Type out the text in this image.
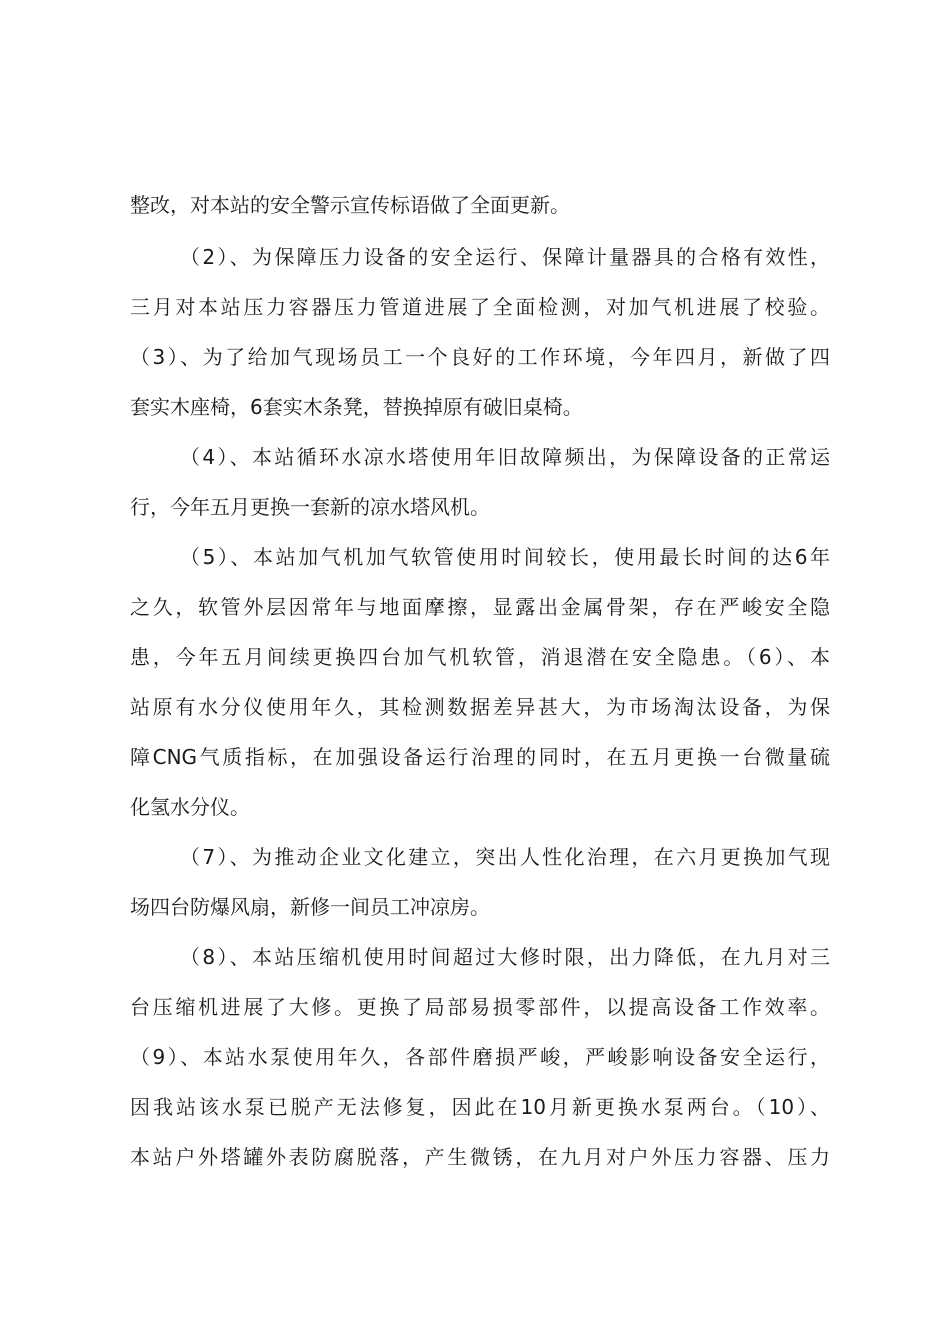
整改，对本站的安全警示宣传标语做了全面更新。
（2）、为保障压力设备的安全运行、保障计量器具的合格有效性，
三月对本站压力容器压力管道进展了全面检测，对加气机进展了校验。
（3）、为了给加气现场员工一个良好的工作环境，今年四月，新做了四
套实木座椅，6套实木条凳，替换掉原有破旧桌椅。
（4）、本站循环水凉水塔使用年旧故障频出，为保障设备的正常运
行，今年五月更换一套新的凉水塔风机。
（5）、本站加气机加气软管使用时间较长，使用最长时间的达6年
之久，软管外层因常年与地面摩擦，显露出金属骨架，存在严峻安全隐
患，今年五月间续更换四台加气机软管，消退潜在安全隐患。（6）、本
站原有水分仪使用年久，其检测数据差异甚大，为市场淘汰设备，为保
障CNG气质指标，在加强设备运行治理的同时，在五月更换一台微量硫
化氢水分仪。
（7）、为推动企业文化建立，突出人性化治理，在六月更换加气现
场四台防爆风扇，新修一间员工冲凉房。
（8）、本站压缩机使用时间超过大修时限，出力降低，在九月对三
台压缩机进展了大修。更换了局部易损零部件，以提高设备工作效率。
（9）、本站水泵使用年久，各部件磨损严峻，严峻影响设备安全运行，
因我站该水泵已脱产无法修复，因此在10月新更换水泵两台。（10）、
本站户外塔罐外表防腐脱落，产生微锈，在九月对户外压力容器、压力
